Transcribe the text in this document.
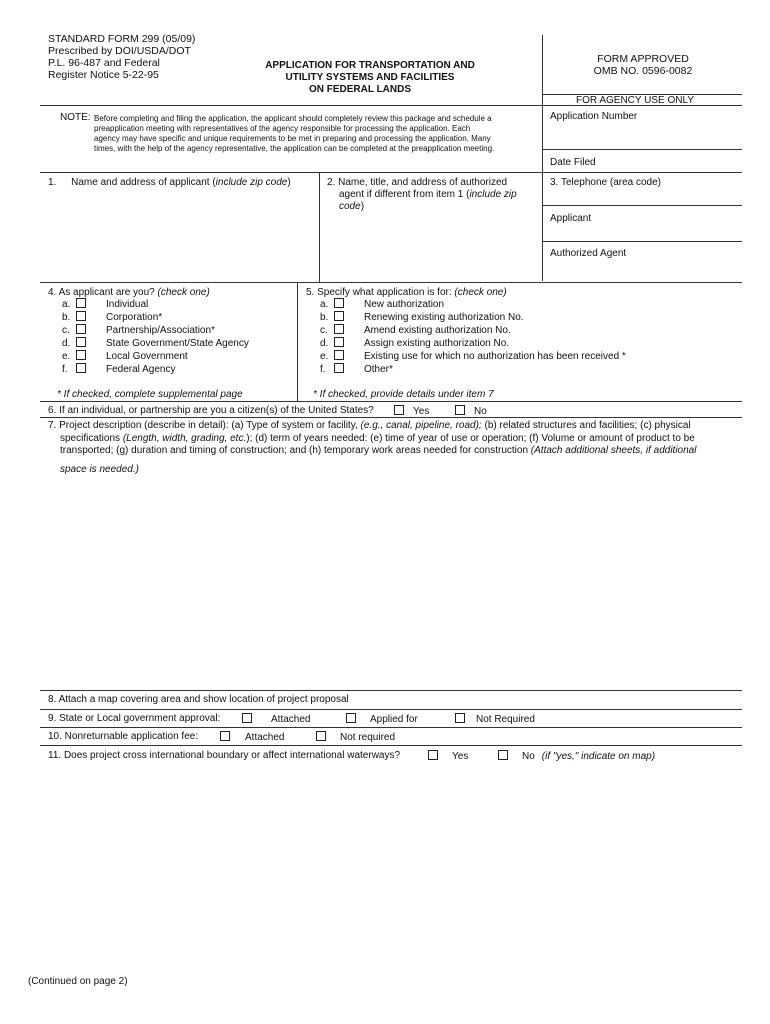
STANDARD FORM 299 (05/09)
Prescribed by DOI/USDA/DOT
P.L. 96-487 and Federal
Register Notice 5-22-95
APPLICATION FOR TRANSPORTATION AND
UTILITY SYSTEMS AND FACILITIES
ON FEDERAL LANDS
FORM APPROVED
OMB NO. 0596-0082
FOR AGENCY USE ONLY
Application Number
Date Filed
Applicant
Authorized Agent
NOTE: Before completing and filing the application, the applicant should completely review this package and schedule a
preapplication meeting with representatives of the agency responsible for processing the application. Each
agency may have specific and unique requirements to be met in preparing and processing the application. Many
times, with the help of the agency representative, the application can be completed at the preapplication meeting.
1. Name and address of applicant (include zip code)	2. Name, title, and address of authorized
agent if different from item 1 (include zip
code)
3. Telephone (area code)
4. As applicant are you? (check one)
a.	Individual
b.	Corporation*
c.	Partnership/Association*
d.	State Government/State Agency
e.	Local Government
f.	Federal Agency
* If checked, complete supplemental page
5. Specify what application is for: (check one)
a.	New authorization
b.	Renewing existing authorization No.
c.	Amend existing authorization No.
d.	Assign existing authorization No.
e.	Existing use for which no authorization has been received *
f.	Other*
* If checked, provide details under item 7
6. If an individual, or partnership are you a citizen(s) of the United States?	Yes	No
7. Project description (describe in detail): (a) Type of system or facility, (e.g., canal, pipeline, road); (b) related structures and facilities; (c) physical
specifications (Length, width, grading, etc.); (d) term of years needed: (e) time of year of use or operation; (f) Volume or amount of product to be
transported; (g) duration and timing of construction; and (h) temporary work areas needed for construction (Attach additional sheets, if additional
space is needed.)
8. Attach a map covering area and show location of project proposal
9. State or Local government approval:	Attached	Applied for	Not Required
10. Nonreturnable application fee:	Attached	Not required
11. Does project cross international boundary or affect international waterways?	Yes	No (if "yes," indicate on map)
(Continued on page 2)
